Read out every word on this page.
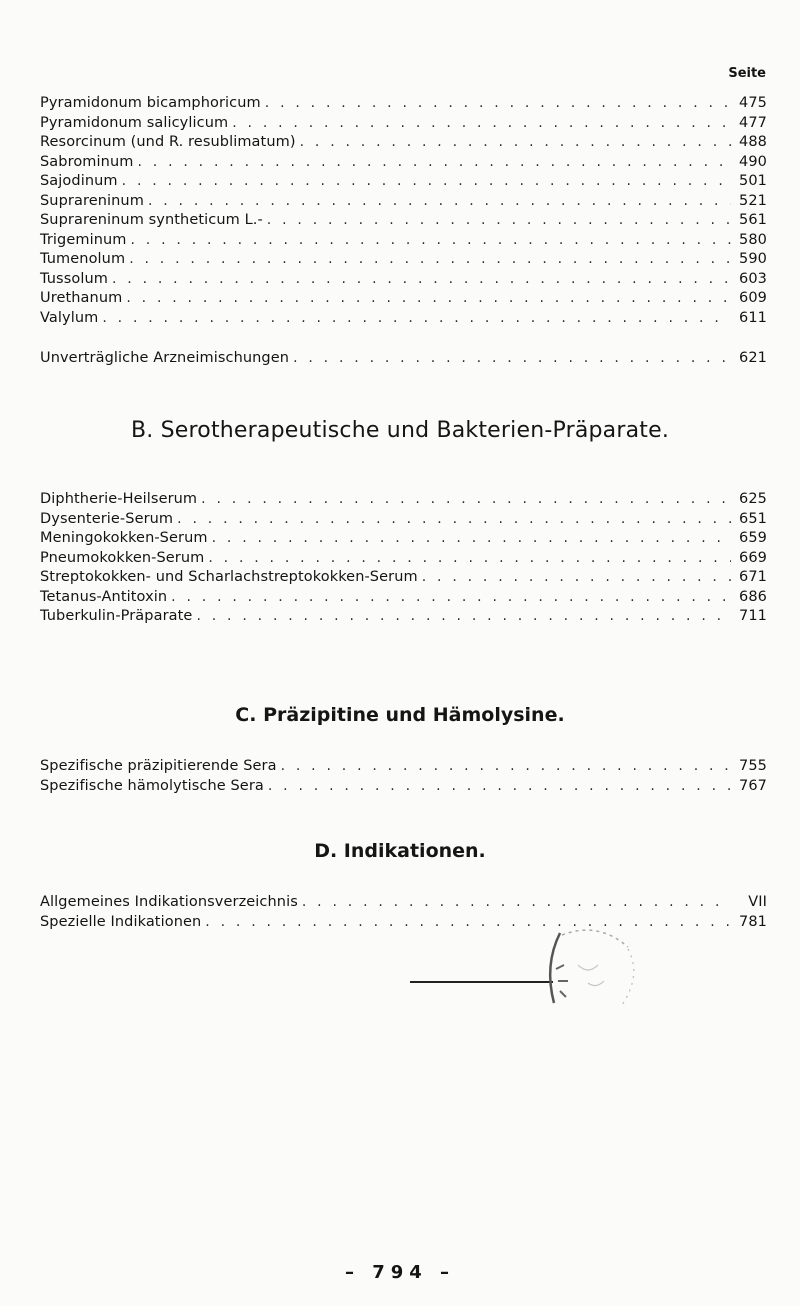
Seite
Pyramidonum bicamphoricum . . .	475
Pyramidonum salicylicum . . .	477
Resorcinum (und R. resublimatum) . . .	488
Sabrominum . . .	490
Sajodinum . . .	501
Suprareninum . . .	521
Suprareninum syntheticum L.- . . .	561
Trigeminum . . .	580
Tumenolum . . .	590
Tussolum . . .	603
Urethanum . . .	609
Valylum . . .	611
Unverträgliche Arzneimischungen . . .	621
B. Serotherapeutische und Bakterien-Präparate.
Diphtherie-Heilserum . . .	625
Dysenterie-Serum . . .	651
Meningokokken-Serum . . .	659
Pneumokokken-Serum . . .	669
Streptokokken- und Scharlachstreptokokken-Serum . . .	671
Tetanus-Antitoxin . . .	686
Tuberkulin-Präparate . . .	711
C. Präzipitine und Hämolysine.
Spezifische präzipitierende Sera . . .	755
Spezifische hämolytische Sera . . .	767
D. Indikationen.
Allgemeines Indikationsverzeichnis . . .	VII
Spezielle Indikationen . . .	781
– 794 –
